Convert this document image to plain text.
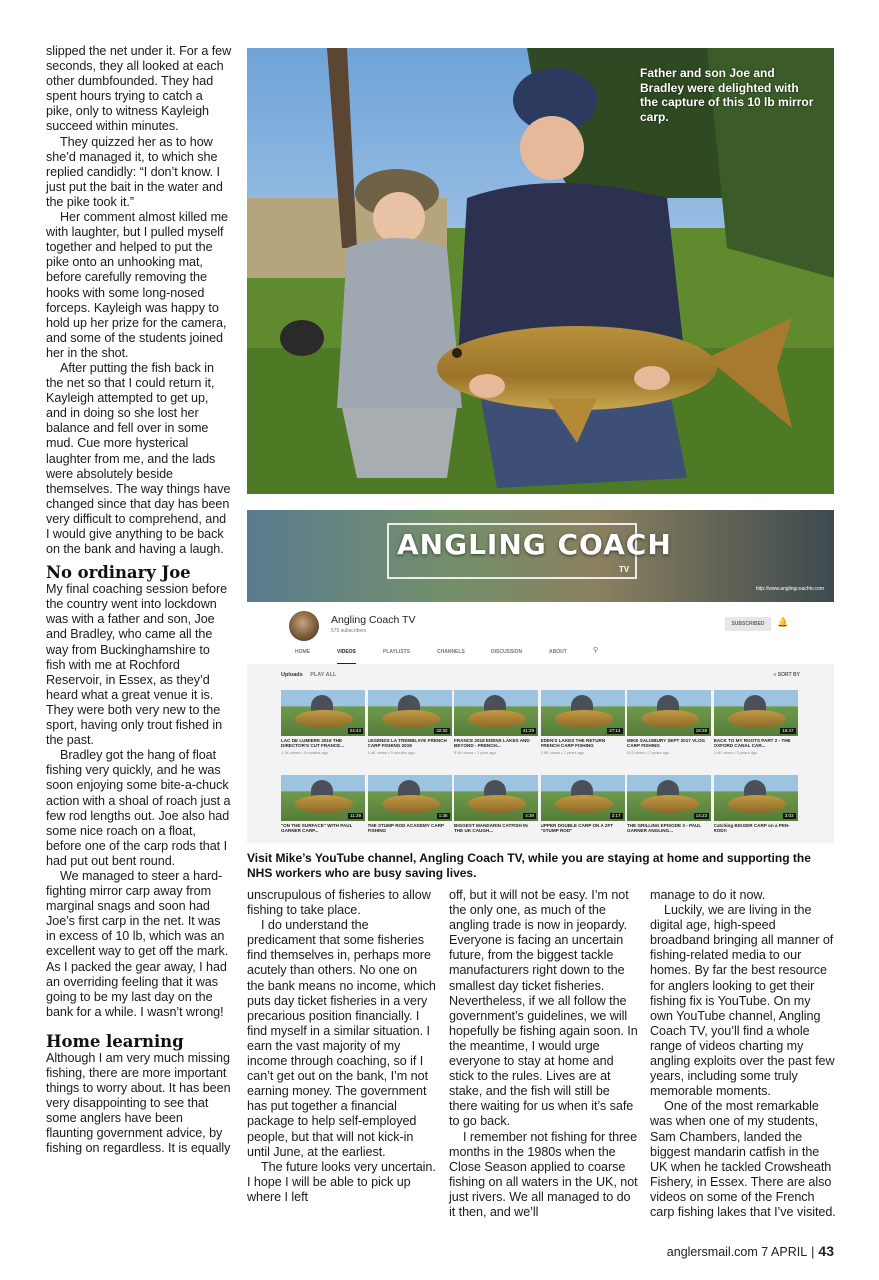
slipped the net under it. For a few seconds, they all looked at each other dumbfounded. They had spent hours trying to catch a pike, only to witness Kayleigh succeed within minutes.

They quizzed her as to how she’d managed it, to which she replied candidly: “I don’t know. I just put the bait in the water and the pike took it.”

Her comment almost killed me with laughter, but I pulled myself together and helped to put the pike onto an unhooking mat, before carefully removing the hooks with some long-nosed forceps. Kayleigh was happy to hold up her prize for the camera, and some of the students joined her in the shot.

After putting the fish back in the net so that I could return it, Kayleigh attempted to get up, and in doing so she lost her balance and fell over in some mud. Cue more hysterical laughter from me, and the lads were absolutely beside themselves. The way things have changed since that day has been very difficult to comprehend, and I would give anything to be back on the bank and having a laugh.

No ordinary Joe

My final coaching session before the country went into lockdown was with a father and son, Joe and Bradley, who came all the way from Buckinghamshire to fish with me at Rochford Reservoir, in Essex, as they’d heard what a great venue it is. They were both very new to the sport, having only trout fished in the past.

Bradley got the hang of float fishing very quickly, and he was soon enjoying some bite-a-chuck action with a shoal of roach just a few rod lengths out. Joe also had some nice roach on a float, before one of the carp rods that I had put out bent round.

We managed to steer a hard-fighting mirror carp away from marginal snags and soon had Joe’s first carp in the net. It was in excess of 10 lb, which was an excellent way to get off the mark. As I packed the gear away, I had an overriding feeling that it was going to be my last day on the bank for a while. I wasn’t wrong!

Home learning

Although I am very much missing fishing, there are more important things to worry about. It has been very disappointing to see that some anglers have been flaunting government advice, by fishing on regardless. It is equally

Father and son Joe and Bradley were delighted with the capture of this 10 lb mirror carp.
ANGLING COACH
TV
http://www.anglingcoachtv.com
Angling Coach TV
575 subscribers
SUBSCRIBED	🔔
HOME	VIDEOS	PLAYLISTS	CHANNELS	DISCUSSION	ABOUT	⚲
Uploads PLAY ALL	≡ SORT BY
24:43
LAC DE LUMIERE 2019 THE DIRECTOR'S CUT FRANCE...
1.3K views • 9 months ago
32:32
LEGENDS LA TREMBLAYE FRENCH CARP FISHING 2019
1.4K views • 9 months ago
41:29
FRANCE 2018 EDENS LAKES AND BEYOND - FRENCH...
5.4K views • 1 year ago
27:14
EDEN'S LAKES THE RETURN FRENCH CARP FISHING
2.9K views • 2 years ago
18:28
MIKE SALISBURY SEPT 2017 VLOG CARP FISHING
513 views • 2 years ago
16:47
BACK TO MY ROOTS PART 2 - THE OXFORD CANAL CAR...
2.4K views • 3 years ago
11:39
"ON THE SURFACE" WITH PAUL GARNER CARP...
1:35
THE STUMP ROD ACADEMY CARP FISHING
4:39
BIGGEST MANDARIN CATFISH IN THE UK CAUGH...
2:17
UPPER DOUBLE CARP ON A 2FT "STUMP ROD"
14:23
THE GRILLING EPISODE 3 - PAUL GARNER ANGLING...
3:03
Catching BIGGER CARP on a PEN-ROD!!
Visit Mike’s YouTube channel, Angling Coach TV, while you are staying at home and supporting the NHS workers who are busy saving lives.

unscrupulous of fisheries to allow fishing to take place.

I do understand the predicament that some fisheries find themselves in, perhaps more acutely than others. No one on the bank means no income, which puts day ticket fisheries in a very precarious position financially. I find myself in a similar situation. I earn the vast majority of my income through coaching, so if I can’t get out on the bank, I’m not earning money. The government has put together a financial package to help self-employed people, but that will not kick-in until June, at the earliest.

The future looks very uncertain. I hope I will be able to pick up where I left

off, but it will not be easy. I’m not the only one, as much of the angling trade is now in jeopardy. Everyone is facing an uncertain future, from the biggest tackle manufacturers right down to the smallest day ticket fisheries. Nevertheless, if we all follow the government’s guidelines, we will hopefully be fishing again soon. In the meantime, I would urge everyone to stay at home and stick to the rules. Lives are at stake, and the fish will still be there waiting for us when it’s safe to go back.

I remember not fishing for three months in the 1980s when the Close Season applied to coarse fishing on all waters in the UK, not just rivers. We all managed to do it then, and we’ll

manage to do it now.

Luckily, we are living in the digital age, high-speed broadband bringing all manner of fishing-related media to our homes. By far the best resource for anglers looking to get their fishing fix is YouTube. On my own YouTube channel, Angling Coach TV, you’ll find a whole range of videos charting my angling exploits over the past few years, including some truly memorable moments.

One of the most remarkable was when one of my students, Sam Chambers, landed the biggest mandarin catfish in the UK when he tackled Crowsheath Fishery, in Essex. There are also videos on some of the French carp fishing lakes that I’ve visited.

anglersmail.com 7 APRIL | 43
